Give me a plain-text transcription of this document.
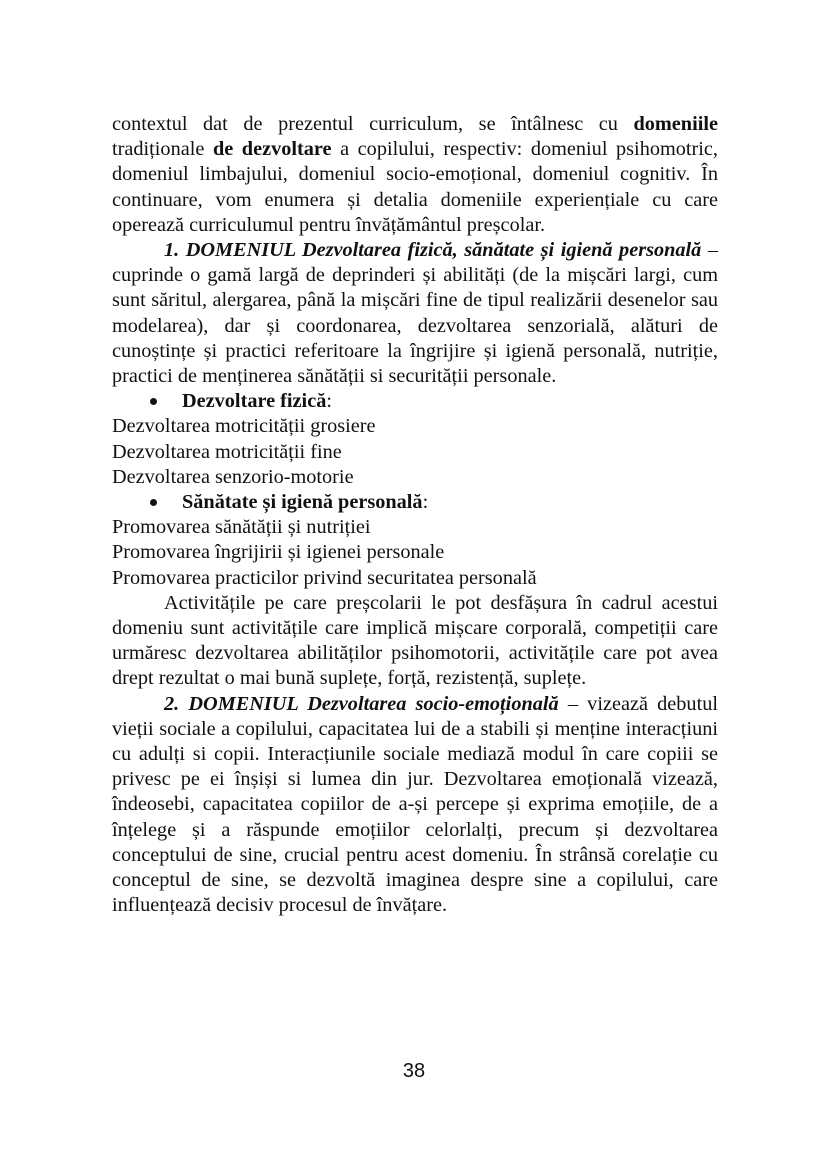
contextul dat de prezentul curriculum, se întâlnesc cu domeniile tradiționale de dezvoltare a copilului, respectiv: domeniul psihomotric, domeniul limbajului, domeniul socio-emoțional, domeniul cognitiv. În continuare, vom enumera și detalia domeniile experiențiale cu care operează curriculumul pentru învățământul preșcolar.

1. DOMENIUL Dezvoltarea fizică, sănătate și igienă personală – cuprinde o gamă largă de deprinderi și abilități (de la mișcări largi, cum sunt săritul, alergarea, până la mișcări fine de tipul realizării desenelor sau modelarea), dar și coordonarea, dezvoltarea senzorială, alături de cunoștințe și practici referitoare la îngrijire și igienă personală, nutriție, practici de menținerea sănătății si securității personale.

Dezvoltare fizică:

Dezvoltarea motricității grosiere

Dezvoltarea motricității fine

Dezvoltarea senzorio-motorie

Sănătate și igienă personală:

Promovarea sănătății și nutriției

Promovarea îngrijirii și igienei personale

Promovarea practicilor privind securitatea personală

Activitățile pe care preșcolarii le pot desfășura în cadrul acestui domeniu sunt activitățile care implică mișcare corporală, competiții care urmăresc dezvoltarea abilităților psihomotorii, activitățile care pot avea drept rezultat o mai bună suplețe, forță, rezistență, suplețe.

2. DOMENIUL Dezvoltarea socio-emoțională – vizează debutul vieții sociale a copilului, capacitatea lui de a stabili și menține interacțiuni cu adulți si copii. Interacțiunile sociale mediază modul în care copiii se privesc pe ei înșiși si lumea din jur. Dezvoltarea emoțională vizează, îndeosebi, capacitatea copiilor de a-și percepe și exprima emoțiile, de a înțelege și a răspunde emoțiilor celorlalți, precum și dezvoltarea conceptului de sine, crucial pentru acest domeniu. În strânsă corelație cu conceptul de sine, se dezvoltă imaginea despre sine a copilului, care influențează decisiv procesul de învățare.

38
